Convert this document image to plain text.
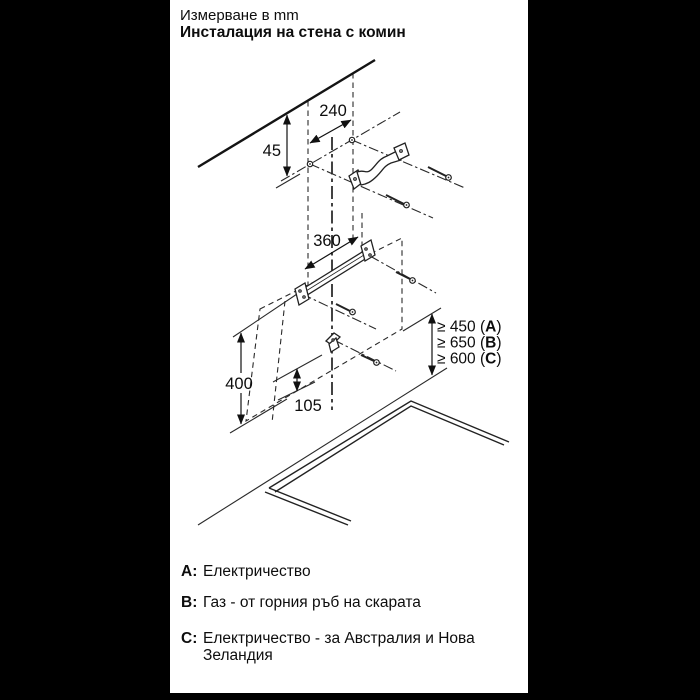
Измерване в mm
Инсталация на стена с комин
240
45
360
400
105
≥ 450 (A)
≥ 650 (B)
≥ 600 (C)
A: Електричество
B: Газ - от горния ръб на скарата
C: Електричество - за Австралия и Нова Зеландия
